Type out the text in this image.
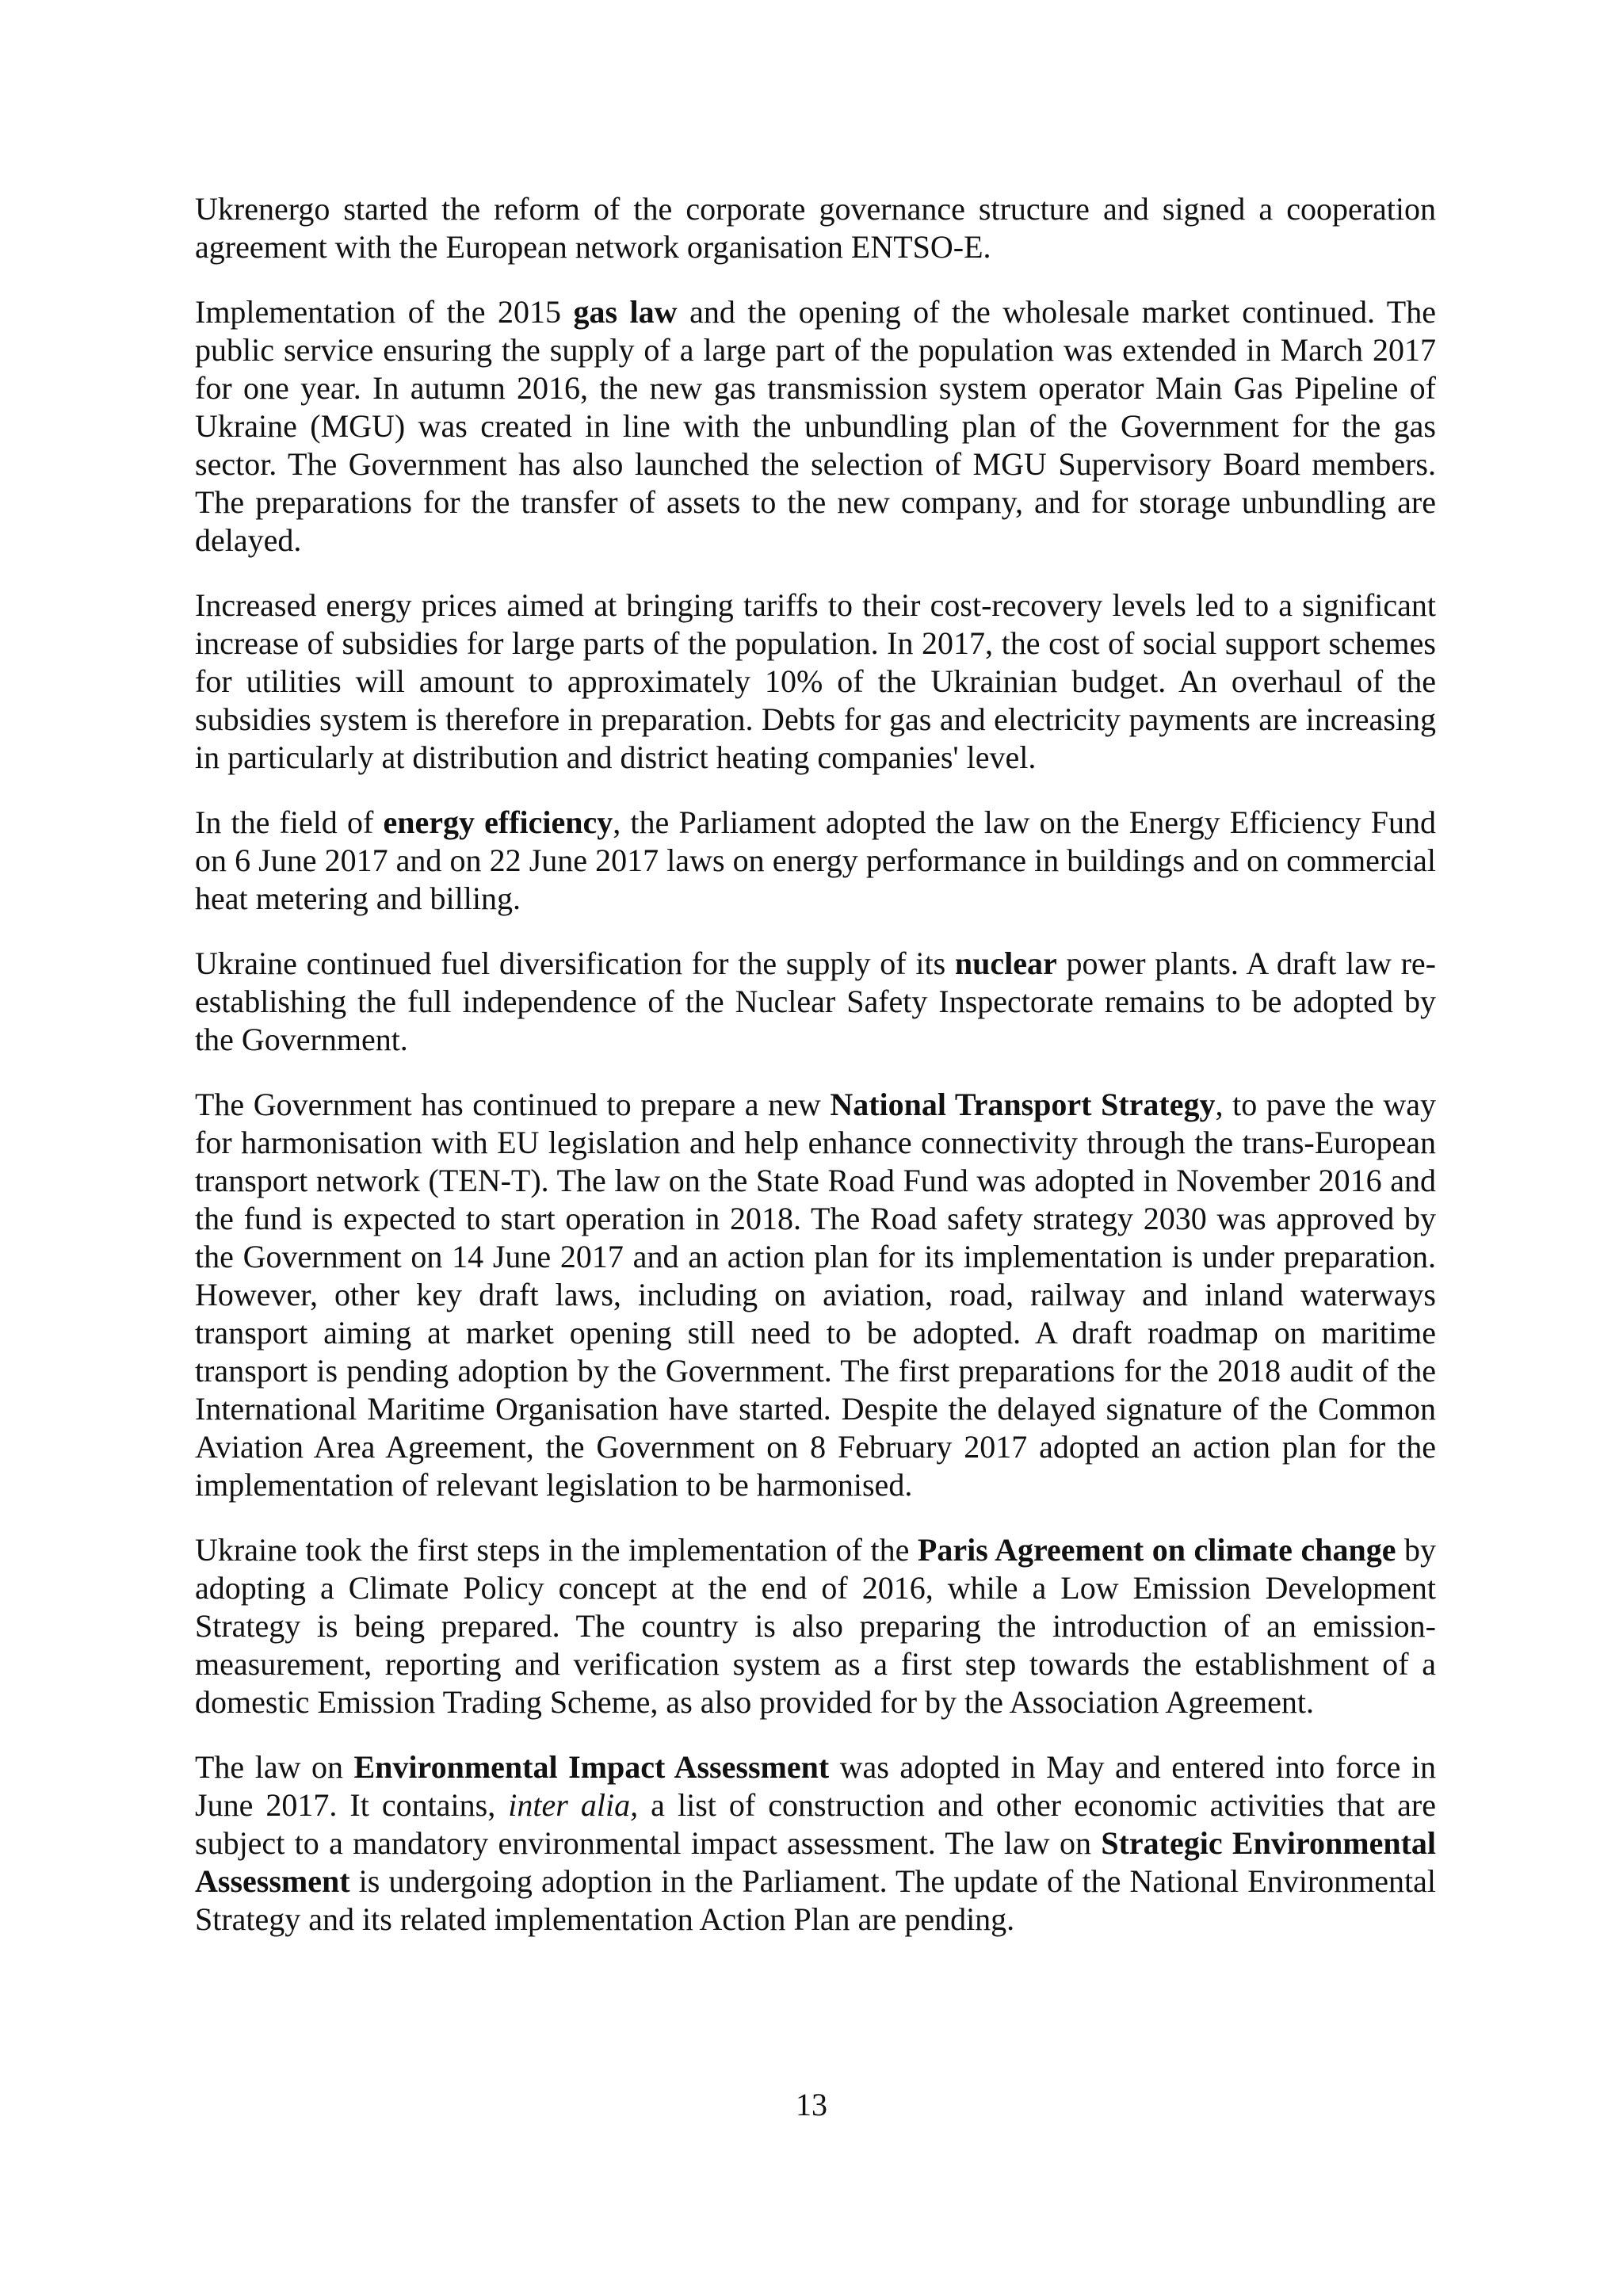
Ukrenergo started the reform of the corporate governance structure and signed a cooperation agreement with the European network organisation ENTSO-E.

Implementation of the 2015 gas law and the opening of the wholesale market continued. The public service ensuring the supply of a large part of the population was extended in March 2017 for one year. In autumn 2016, the new gas transmission system operator Main Gas Pipeline of Ukraine (MGU) was created in line with the unbundling plan of the Government for the gas sector. The Government has also launched the selection of MGU Supervisory Board members. The preparations for the transfer of assets to the new company, and for storage unbundling are delayed.

Increased energy prices aimed at bringing tariffs to their cost-recovery levels led to a significant increase of subsidies for large parts of the population. In 2017, the cost of social support schemes for utilities will amount to approximately 10% of the Ukrainian budget. An overhaul of the subsidies system is therefore in preparation. Debts for gas and electricity payments are increasing in particularly at distribution and district heating companies' level.

In the field of energy efficiency, the Parliament adopted the law on the Energy Efficiency Fund on 6 June 2017 and on 22 June 2017 laws on energy performance in buildings and on commercial heat metering and billing.

Ukraine continued fuel diversification for the supply of its nuclear power plants. A draft law re-establishing the full independence of the Nuclear Safety Inspectorate remains to be adopted by the Government.

The Government has continued to prepare a new National Transport Strategy, to pave the way for harmonisation with EU legislation and help enhance connectivity through the trans-European transport network (TEN-T). The law on the State Road Fund was adopted in November 2016 and the fund is expected to start operation in 2018. The Road safety strategy 2030 was approved by the Government on 14 June 2017 and an action plan for its implementation is under preparation. However, other key draft laws, including on aviation, road, railway and inland waterways transport aiming at market opening still need to be adopted. A draft roadmap on maritime transport is pending adoption by the Government. The first preparations for the 2018 audit of the International Maritime Organisation have started. Despite the delayed signature of the Common Aviation Area Agreement, the Government on 8 February 2017 adopted an action plan for the implementation of relevant legislation to be harmonised.

Ukraine took the first steps in the implementation of the Paris Agreement on climate change by adopting a Climate Policy concept at the end of 2016, while a Low Emission Development Strategy is being prepared. The country is also preparing the introduction of an emission-measurement, reporting and verification system as a first step towards the establishment of a domestic Emission Trading Scheme, as also provided for by the Association Agreement.

The law on Environmental Impact Assessment was adopted in May and entered into force in June 2017. It contains, inter alia, a list of construction and other economic activities that are subject to a mandatory environmental impact assessment. The law on Strategic Environmental Assessment is undergoing adoption in the Parliament. The update of the National Environmental Strategy and its related implementation Action Plan are pending.

13
